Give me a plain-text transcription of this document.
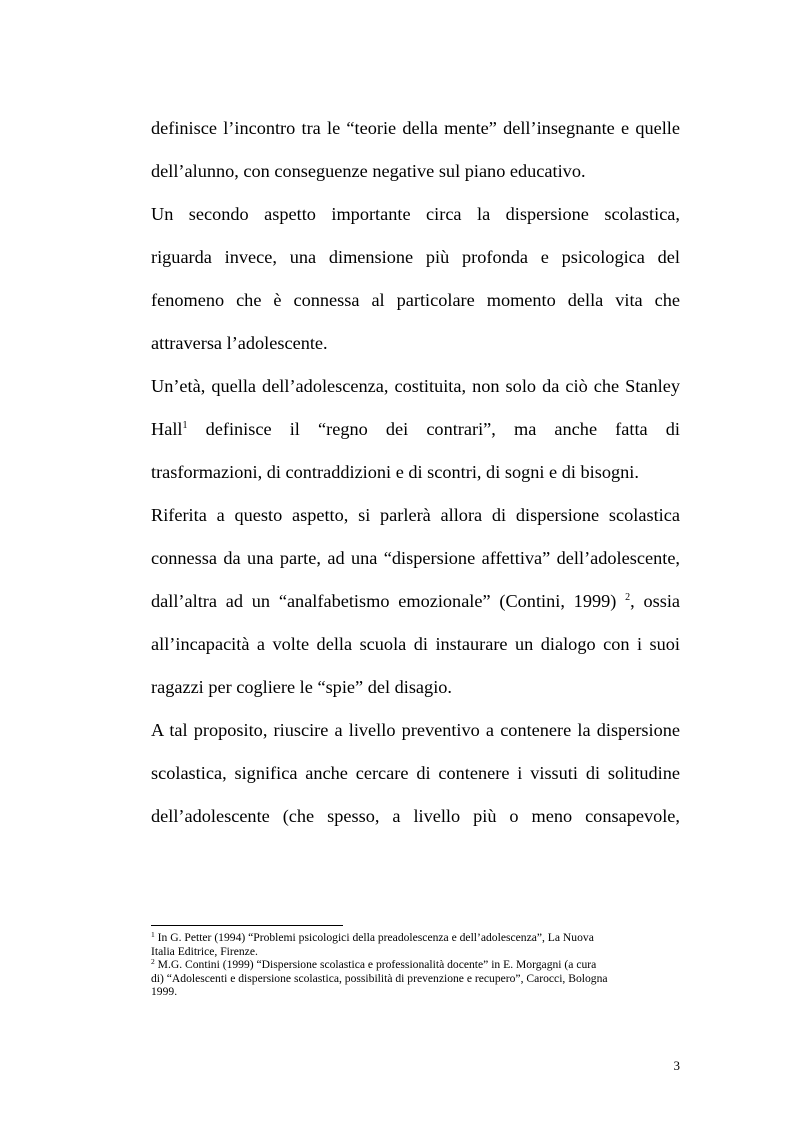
definisce l’incontro tra le “teorie della mente” dell’insegnante e quelle
dell’alunno, con conseguenze negative sul piano educativo.

Un secondo aspetto importante circa la dispersione scolastica,
riguarda invece, una dimensione più profonda e psicologica del
fenomeno che è connessa al particolare momento della vita che
attraversa l’adolescente.

Un’età, quella dell’adolescenza, costituita, non solo da ciò che Stanley
Hall$^1$ definisce il “regno dei contrari”, ma anche fatta di
trasformazioni, di contraddizioni e di scontri, di sogni e di bisogni.

Riferita a questo aspetto, si parlerà allora di dispersione scolastica
connessa da una parte, ad una “dispersione affettiva” dell’adolescente,
dall’altra ad un “analfabetismo emozionale” (Contini, 1999) $^2$, ossia
all’incapacità a volte della scuola di instaurare un dialogo con i suoi
ragazzi per cogliere le “spie” del disagio.

A tal proposito, riuscire a livello preventivo a contenere la dispersione
scolastica, significa anche cercare di contenere i vissuti di solitudine
dell’adolescente (che spesso, a livello più o meno consapevole,

$^1$ In G. Petter (1994) “Problemi psicologici della preadolescenza e dell’adolescenza”, La Nuova
Italia Editrice, Firenze.

$^2$ M.G. Contini (1999) “Dispersione scolastica e professionalità docente” in E. Morgagni (a cura
di) “Adolescenti e dispersione scolastica, possibilità di prevenzione e recupero”, Carocci, Bologna
1999.

3
